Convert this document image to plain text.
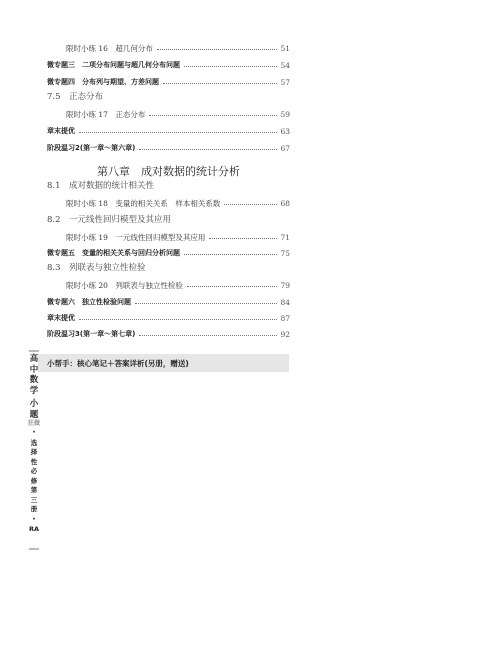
限时小练 16　超几何分布	51
微专题三　二项分布问题与超几何分布问题	54
微专题四　分布列与期望、方差问题	57
7.5　正态分布
限时小练 17　正态分布	59
章末提优	63
阶段温习2(第一章～第六章)	67
8.1　成对数据的统计相关性
限时小练 18　变量的相关关系　样本相关系数	68
8.2　一元线性回归模型及其应用
限时小练 19　一元线性回归模型及其应用	71
微专题五　变量的相关关系与回归分析问题	75
8.3　列联表与独立性检验
限时小练 20　列联表与独立性检验	79
微专题六　独立性检验问题	84
章末提优	87
阶段温习3(第一章～第七章)	92
第八章　成对数据的统计分析
高
中
数
学
小
题
狂做
·
选
择
性
必
修
第
三
册
·
RA
小帮手：核心笔记＋答案详析(另册，赠送)
